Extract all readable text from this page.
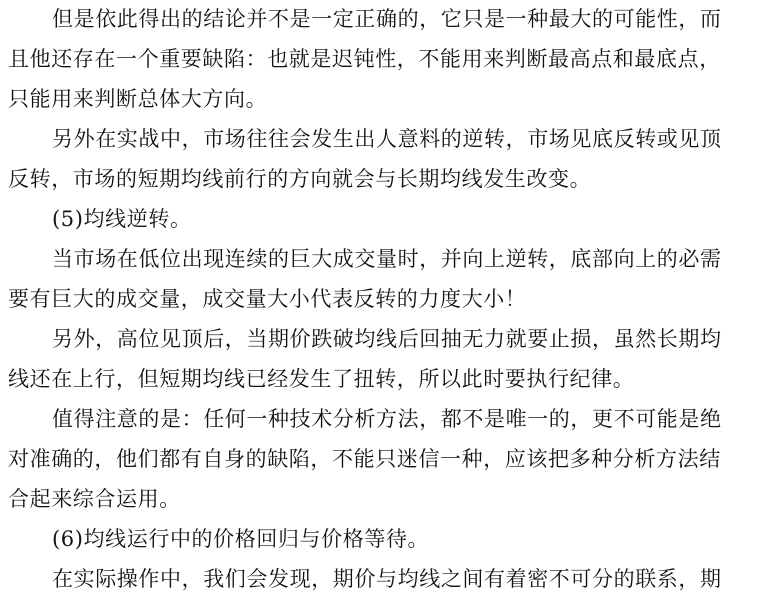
但是依此得出的结论并不是一定正确的，它只是一种最大的可能性，而
且他还存在一个重要缺陷：也就是迟钝性，不能用来判断最高点和最底点，
只能用来判断总体大方向。
另外在实战中，市场往往会发生出人意料的逆转，市场见底反转或见顶
反转，市场的短期均线前行的方向就会与长期均线发生改变。
(5)均线逆转。
当市场在低位出现连续的巨大成交量时，并向上逆转，底部向上的必需
要有巨大的成交量，成交量大小代表反转的力度大小！
另外，高位见顶后，当期价跌破均线后回抽无力就要止损，虽然长期均
线还在上行，但短期均线已经发生了扭转，所以此时要执行纪律。
值得注意的是：任何一种技术分析方法，都不是唯一的，更不可能是绝
对准确的，他们都有自身的缺陷，不能只迷信一种，应该把多种分析方法结
合起来综合运用。
(6)均线运行中的价格回归与价格等待。
在实际操作中，我们会发现，期价与均线之间有着密不可分的联系，期
